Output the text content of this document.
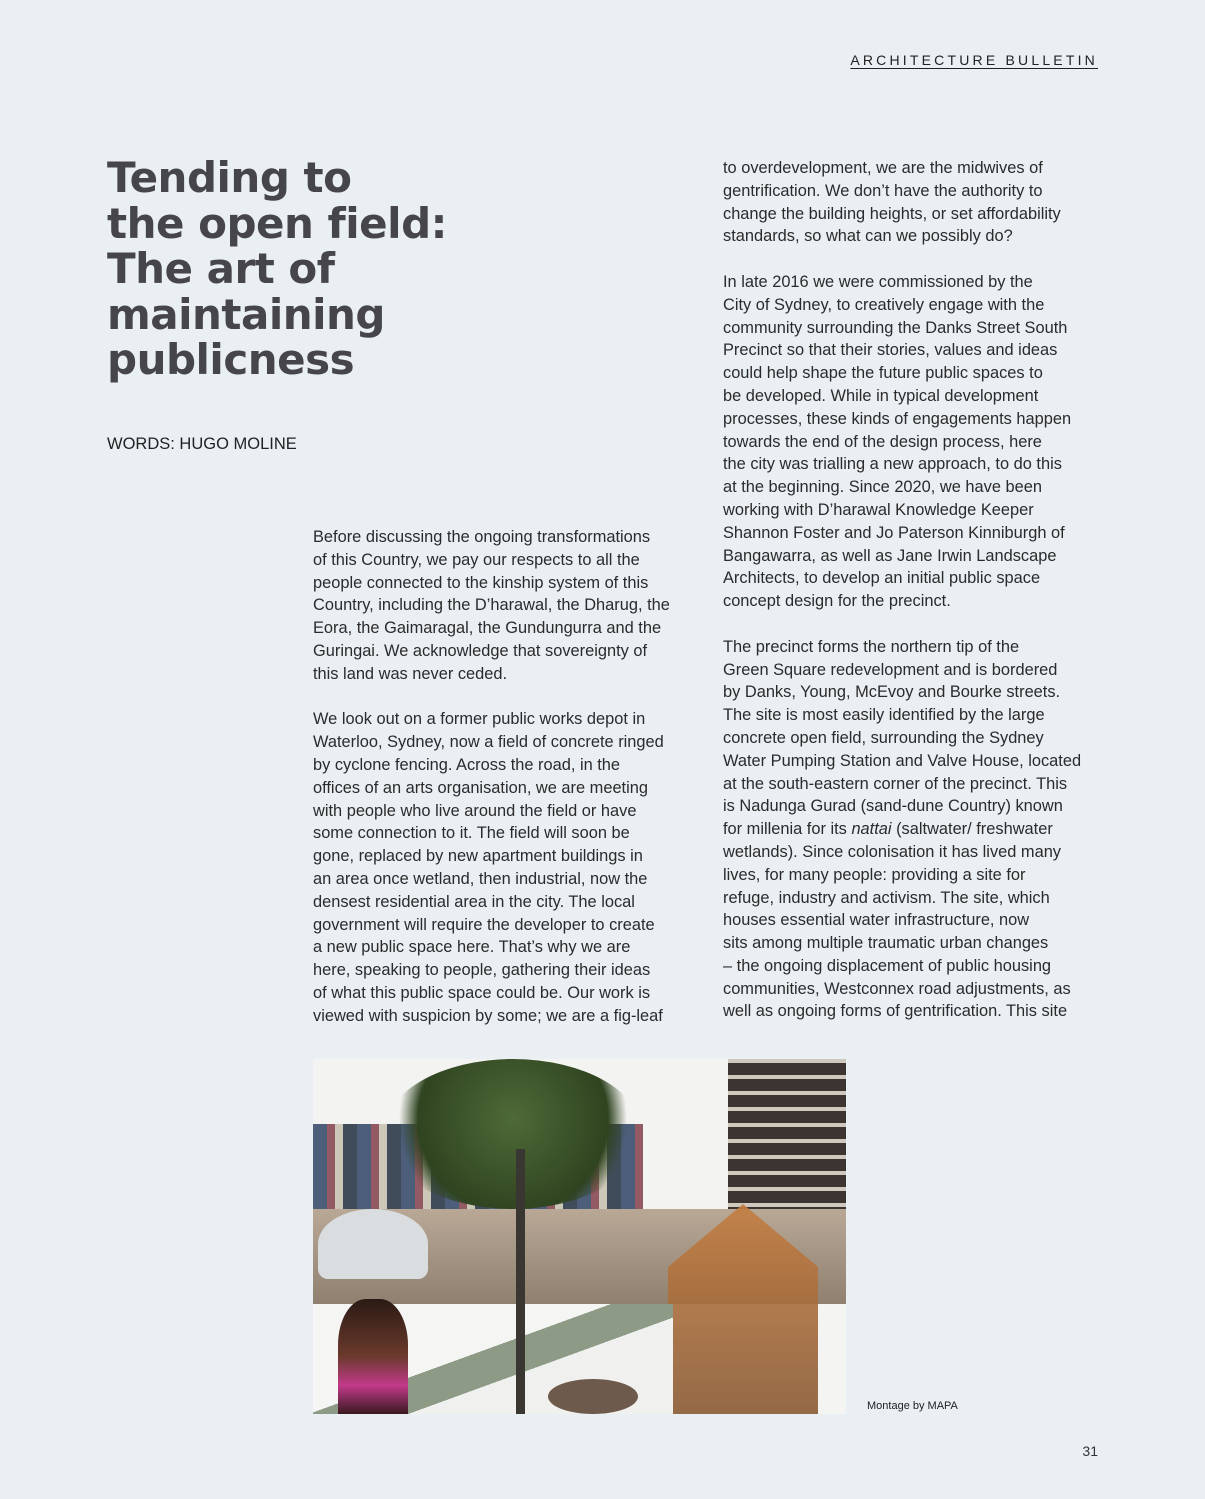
ARCHITECTURE BULLETIN
Tending to
the open field:
The art of
maintaining
publicness
WORDS: HUGO MOLINE
Before discussing the ongoing transformations
of this Country, we pay our respects to all the
people connected to the kinship system of this
Country, including the D’harawal, the Dharug, the
Eora, the Gaimaragal, the Gundungurra and the
Guringai. We acknowledge that sovereignty of
this land was never ceded.
We look out on a former public works depot in
Waterloo, Sydney, now a field of concrete ringed
by cyclone fencing. Across the road, in the
offices of an arts organisation, we are meeting
with people who live around the field or have
some connection to it. The field will soon be
gone, replaced by new apartment buildings in
an area once wetland, then industrial, now the
densest residential area in the city. The local
government will require the developer to create
a new public space here. That’s why we are
here, speaking to people, gathering their ideas
of what this public space could be. Our work is
viewed with suspicion by some; we are a fig-leaf
to overdevelopment, we are the midwives of
gentrification. We don’t have the authority to
change the building heights, or set affordability
standards, so what can we possibly do?
In late 2016 we were commissioned by the
City of Sydney, to creatively engage with the
community surrounding the Danks Street South
Precinct so that their stories, values and ideas
could help shape the future public spaces to
be developed. While in typical development
processes, these kinds of engagements happen
towards the end of the design process, here
the city was trialling a new approach, to do this
at the beginning. Since 2020, we have been
working with D’harawal Knowledge Keeper
Shannon Foster and Jo Paterson Kinniburgh of
Bangawarra, as well as Jane Irwin Landscape
Architects, to develop an initial public space
concept design for the precinct.
The precinct forms the northern tip of the
Green Square redevelopment and is bordered
by Danks, Young, McEvoy and Bourke streets.
The site is most easily identified by the large
concrete open field, surrounding the Sydney
Water Pumping Station and Valve House, located
at the south-eastern corner of the precinct. This
is Nadunga Gurad (sand-dune Country) known
for millenia for its nattai (saltwater/ freshwater
wetlands). Since colonisation it has lived many
lives, for many people: providing a site for
refuge, industry and activism. The site, which
houses essential water infrastructure, now
sits among multiple traumatic urban changes
– the ongoing displacement of public housing
communities, Westconnex road adjustments, as
well as ongoing forms of gentrification. This site
Montage by MAPA
31
